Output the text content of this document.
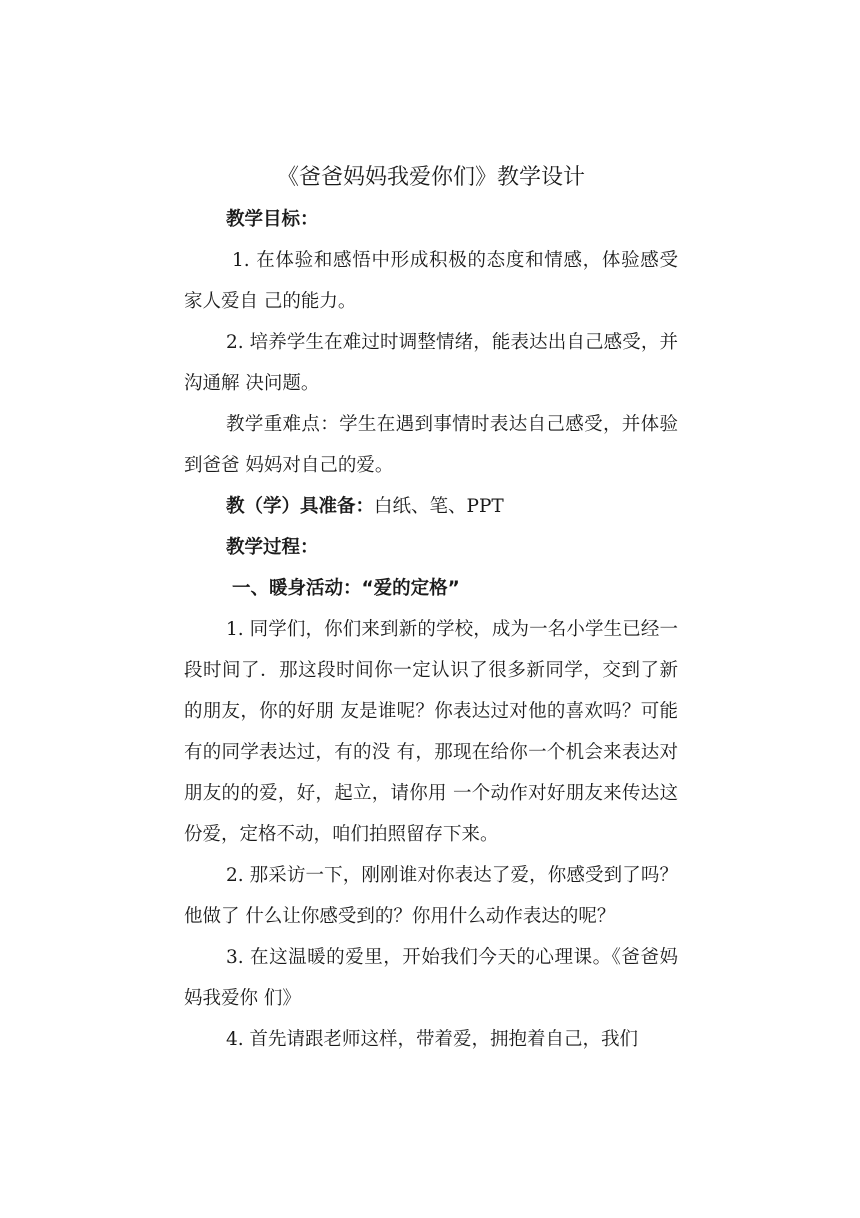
《爸爸妈妈我爱你们》教学设计

教学目标：

1. 在体验和感悟中形成积极的态度和情感，体验感受家人爱自 己的能力。

2. 培养学生在难过时调整情绪，能表达出自己感受，并沟通解 决问题。

教学重难点：学生在遇到事情时表达自己感受，并体验到爸爸 妈妈对自己的爱。

教（学）具准备：白纸、笔、PPT

教学过程：

一、暖身活动：“爱的定格”

1. 同学们，你们来到新的学校，成为一名小学生已经一段时间了．那这段时间你一定认识了很多新同学，交到了新的朋友，你的好朋 友是谁呢？你表达过对他的喜欢吗？可能有的同学表达过，有的没 有，那现在给你一个机会来表达对朋友的的爱，好，起立，请你用 一个动作对好朋友来传达这份爱，定格不动，咱们拍照留存下来。

2. 那采访一下，刚刚谁对你表达了爱，你感受到了吗？他做了 什么让你感受到的？你用什么动作表达的呢？

3. 在这温暖的爱里，开始我们今天的心理课。《爸爸妈妈我爱你 们》

4. 首先请跟老师这样，带着爱，拥抱着自己，我们
